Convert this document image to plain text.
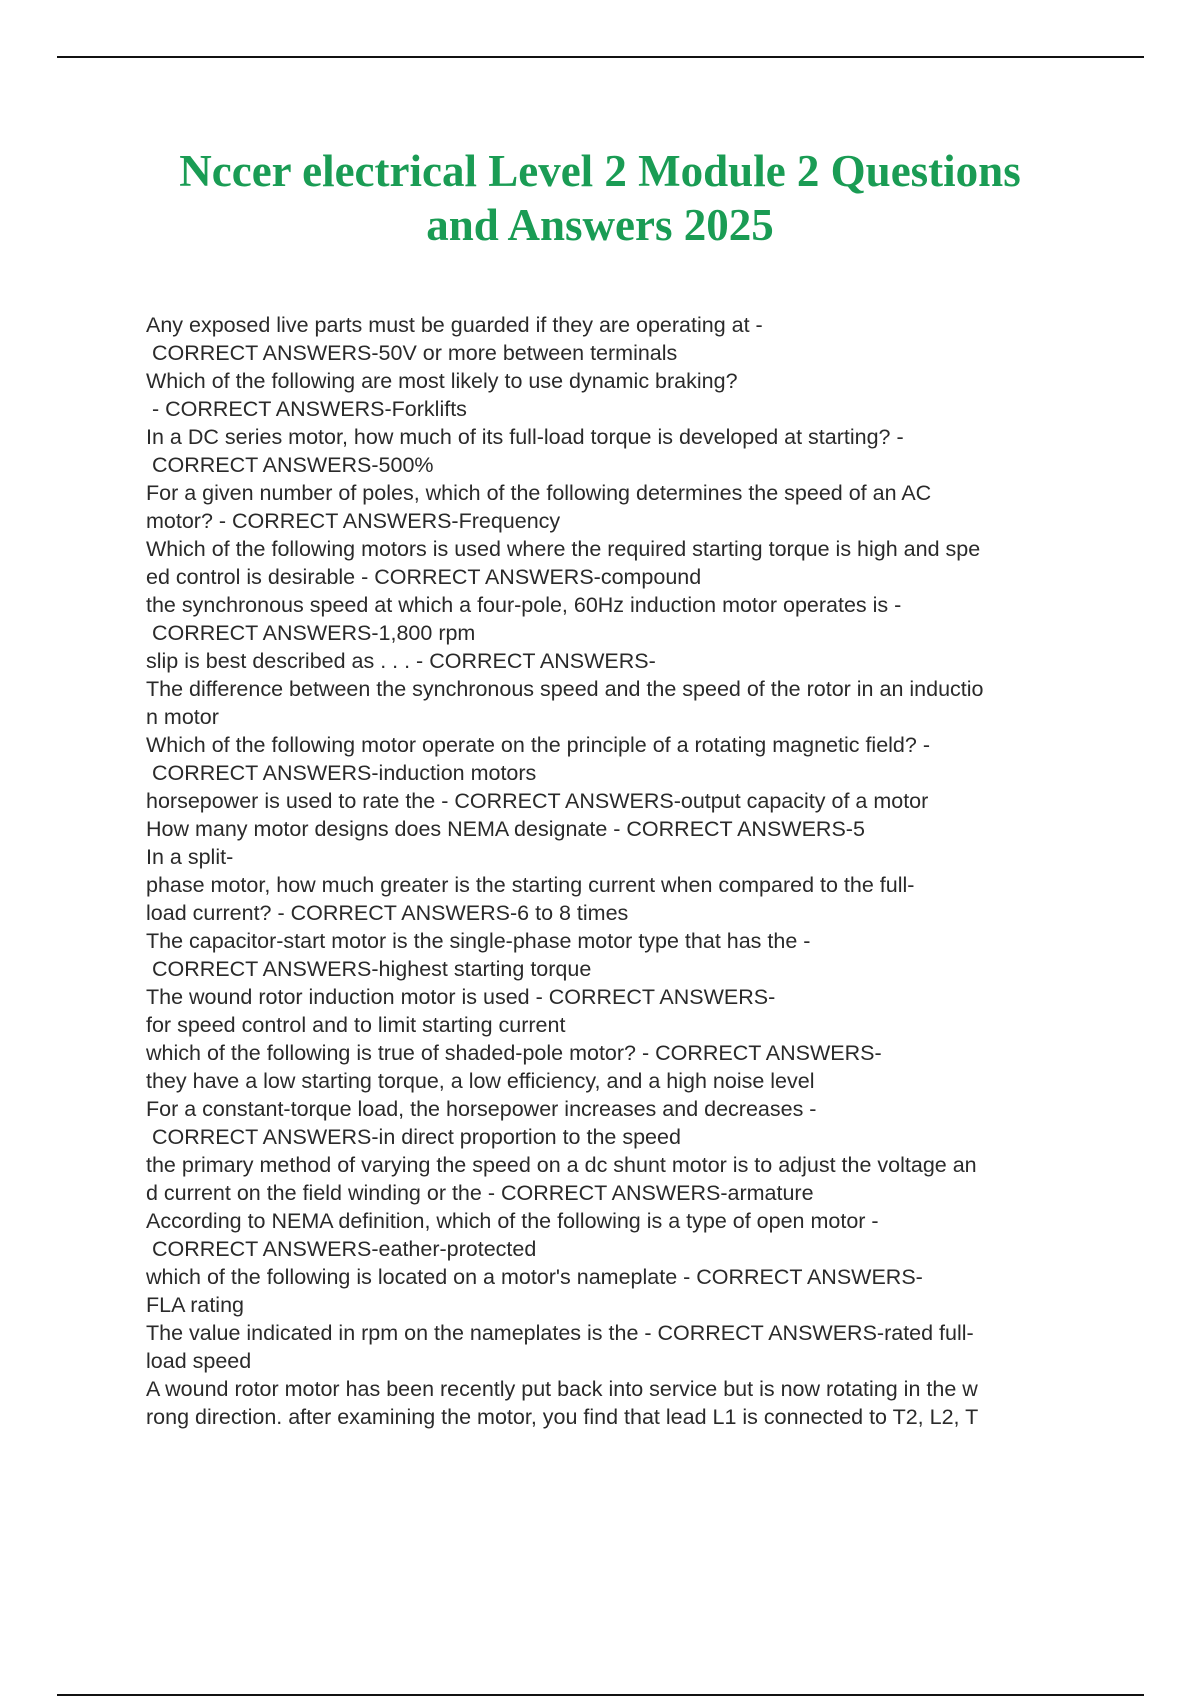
Nccer electrical Level 2 Module 2 Questions
and Answers 2025
Any exposed live parts must be guarded if they are operating at -
CORRECT ANSWERS-50V or more between terminals
Which of the following are most likely to use dynamic braking?
- CORRECT ANSWERS-Forklifts
In a DC series motor, how much of its full-load torque is developed at starting? -
CORRECT ANSWERS-500%
For a given number of poles, which of the following determines the speed of an AC
motor? - CORRECT ANSWERS-Frequency
Which of the following motors is used where the required starting torque is high and spe
ed control is desirable - CORRECT ANSWERS-compound
the synchronous speed at which a four-pole, 60Hz induction motor operates is -
CORRECT ANSWERS-1,800 rpm
slip is best described as . . . - CORRECT ANSWERS-
The difference between the synchronous speed and the speed of the rotor in an inductio
n motor
Which of the following motor operate on the principle of a rotating magnetic field? -
CORRECT ANSWERS-induction motors
horsepower is used to rate the - CORRECT ANSWERS-output capacity of a motor
How many motor designs does NEMA designate - CORRECT ANSWERS-5
In a split-
phase motor, how much greater is the starting current when compared to the full-
load current? - CORRECT ANSWERS-6 to 8 times
The capacitor-start motor is the single-phase motor type that has the -
CORRECT ANSWERS-highest starting torque
The wound rotor induction motor is used - CORRECT ANSWERS-
for speed control and to limit starting current
which of the following is true of shaded-pole motor? - CORRECT ANSWERS-
they have a low starting torque, a low efficiency, and a high noise level
For a constant-torque load, the horsepower increases and decreases -
CORRECT ANSWERS-in direct proportion to the speed
the primary method of varying the speed on a dc shunt motor is to adjust the voltage an
d current on the field winding or the - CORRECT ANSWERS-armature
According to NEMA definition, which of the following is a type of open motor -
CORRECT ANSWERS-eather-protected
which of the following is located on a motor's nameplate - CORRECT ANSWERS-
FLA rating
The value indicated in rpm on the nameplates is the - CORRECT ANSWERS-rated full-
load speed
A wound rotor motor has been recently put back into service but is now rotating in the w
rong direction. after examining the motor, you find that lead L1 is connected to T2, L2, T
